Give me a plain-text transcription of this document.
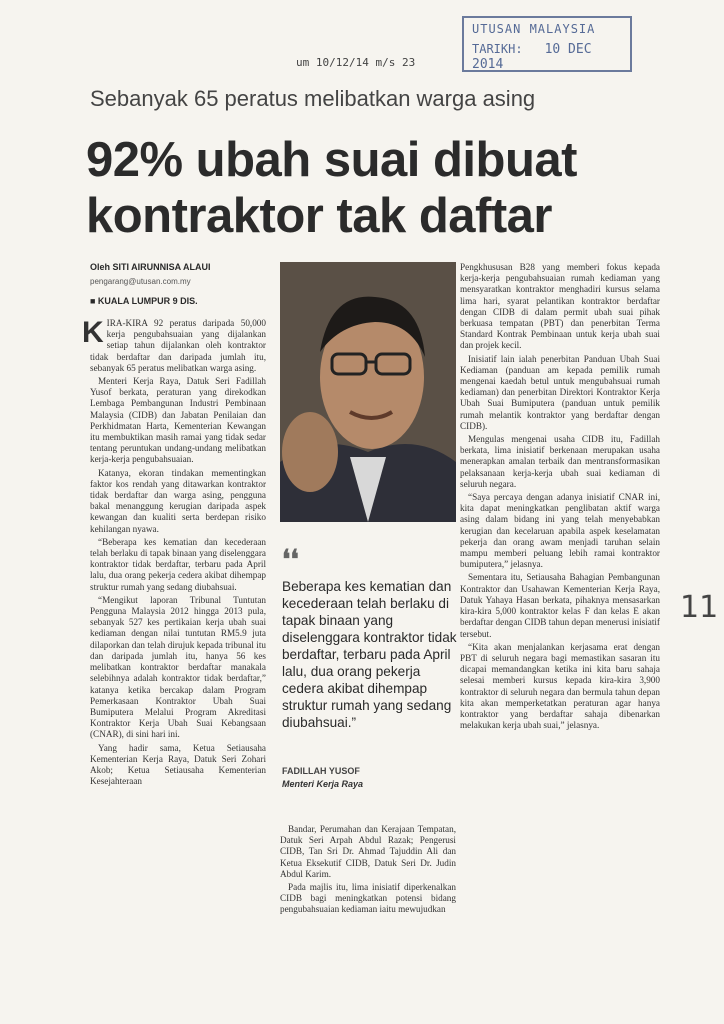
UTUSAN MALAYSIA
TARIKH: 10 DEC 2014
um 10/12/14 m/s 23
Sebanyak 65 peratus melibatkan warga asing
92% ubah suai dibuat
kontraktor tak daftar
Oleh SITI AIRUNNISA ALAUI
pengarang@utusan.com.my
■ KUALA LUMPUR 9 DIS.

KIRA-KIRA 92 peratus daripada 50,000 kerja pengubahsuaian yang dijalankan setiap tahun dijalankan oleh kontraktor tidak berdaftar dan daripada jumlah itu, sebanyak 65 peratus melibatkan warga asing.

Menteri Kerja Raya, Datuk Seri Fadillah Yusof berkata, peraturan yang direkodkan Lembaga Pembangunan Industri Pembinaan Malaysia (CIDB) dan Jabatan Penilaian dan Perkhidmatan Harta, Kementerian Kewangan itu membuktikan masih ramai yang tidak sedar tentang peruntukan undang-undang melibatkan kerja-kerja pengubahsuaian.

Katanya, ekoran tindakan mementingkan faktor kos rendah yang ditawarkan kontraktor tidak berdaftar dan warga asing, pengguna bakal menanggung kerugian daripada aspek kewangan dan kualiti serta berdepan risiko kehilangan nyawa.

“Beberapa kes kematian dan kecederaan telah berlaku di tapak binaan yang diselenggara kontraktor tidak berdaftar, terbaru pada April lalu, dua orang pekerja cedera akibat dihempap struktur rumah yang sedang diubahsuai.

“Mengikut laporan Tribunal Tuntutan Pengguna Malaysia 2012 hingga 2013 pula, sebanyak 527 kes pertikaian kerja ubah suai kediaman dengan nilai tuntutan RM5.9 juta dilaporkan dan telah dirujuk kepada tribunal itu dan daripada jumlah itu, hanya 56 kes melibatkan kontraktor berdaftar manakala selebihnya adalah kontraktor tidak berdaftar,” katanya ketika bercakap dalam Program Pemerkasaan Kontraktor Ubah Suai Bumiputera Melalui Program Akreditasi Kontraktor Kerja Ubah Suai Kebangsaan (CNAR), di sini hari ini.

Yang hadir sama, Ketua Setiausaha Kementerian Kerja Raya, Datuk Seri Zohari Akob; Ketua Setiausaha Kementerian Kesejahteraan

❛❛
Beberapa kes kematian dan kecederaan telah berlaku di tapak binaan yang diselenggara kontraktor tidak berdaftar, terbaru pada April lalu, dua orang pekerja cedera akibat dihempap struktur rumah yang sedang diubahsuai.”
FADILLAH YUSOF
Menteri Kerja Raya

Bandar, Perumahan dan Kerajaan Tempatan, Datuk Seri Arpah Abdul Razak; Pengerusi CIDB, Tan Sri Dr. Ahmad Tajuddin Ali dan Ketua Eksekutif CIDB, Datuk Seri Dr. Judin Abdul Karim.

Pada majlis itu, lima inisiatif diperkenalkan CIDB bagi meningkatkan potensi bidang pengubahsuaian kediaman iaitu mewujudkan

Pengkhususan B28 yang memberi fokus kepada kerja-kerja pengubahsuaian rumah kediaman yang mensyaratkan kontraktor menghadiri kursus selama lima hari, syarat pelantikan kontraktor berdaftar dengan CIDB di dalam permit ubah suai pihak berkuasa tempatan (PBT) dan penerbitan Terma Standard Kontrak Pembinaan untuk kerja ubah suai dan projek kecil.

Inisiatif lain ialah penerbitan Panduan Ubah Suai Kediaman (panduan am kepada pemilik rumah mengenai kaedah betul untuk mengubahsuai rumah kediaman) dan penerbitan Direktori Kontraktor Kerja Ubah Suai Bumiputera (panduan untuk pemilik rumah melantik kontraktor yang berdaftar dengan CIDB).

Mengulas mengenai usaha CIDB itu, Fadillah berkata, lima inisiatif berkenaan merupakan usaha menerapkan amalan terbaik dan mentransformasikan pelaksanaan kerja-kerja ubah suai kediaman di seluruh negara.

“Saya percaya dengan adanya inisiatif CNAR ini, kita dapat meningkatkan penglibatan aktif warga asing dalam bidang ini yang telah menyebabkan kerugian dan kecelaruan apabila aspek keselamatan pekerja dan orang awam menjadi taruhan selain mampu memberi peluang lebih ramai kontraktor bumiputera,” jelasnya.

Sementara itu, Setiausaha Bahagian Pembangunan Kontraktor dan Usahawan Kementerian Kerja Raya, Datuk Yahaya Hasan berkata, pihaknya mensasarkan kira-kira 5,000 kontraktor kelas F dan kelas E akan berdaftar dengan CIDB tahun depan menerusi inisiatif tersebut.

“Kita akan menjalankan kerjasama erat dengan PBT di seluruh negara bagi memastikan sasaran itu dicapai memandangkan ketika ini kita baru sahaja selesai memberi kursus kepada kira-kira 3,900 kontraktor di seluruh negara dan bermula tahun depan kita akan memperketatkan peraturan agar hanya kontraktor yang berdaftar sahaja dibenarkan melakukan kerja ubah suai,” jelasnya.

11
